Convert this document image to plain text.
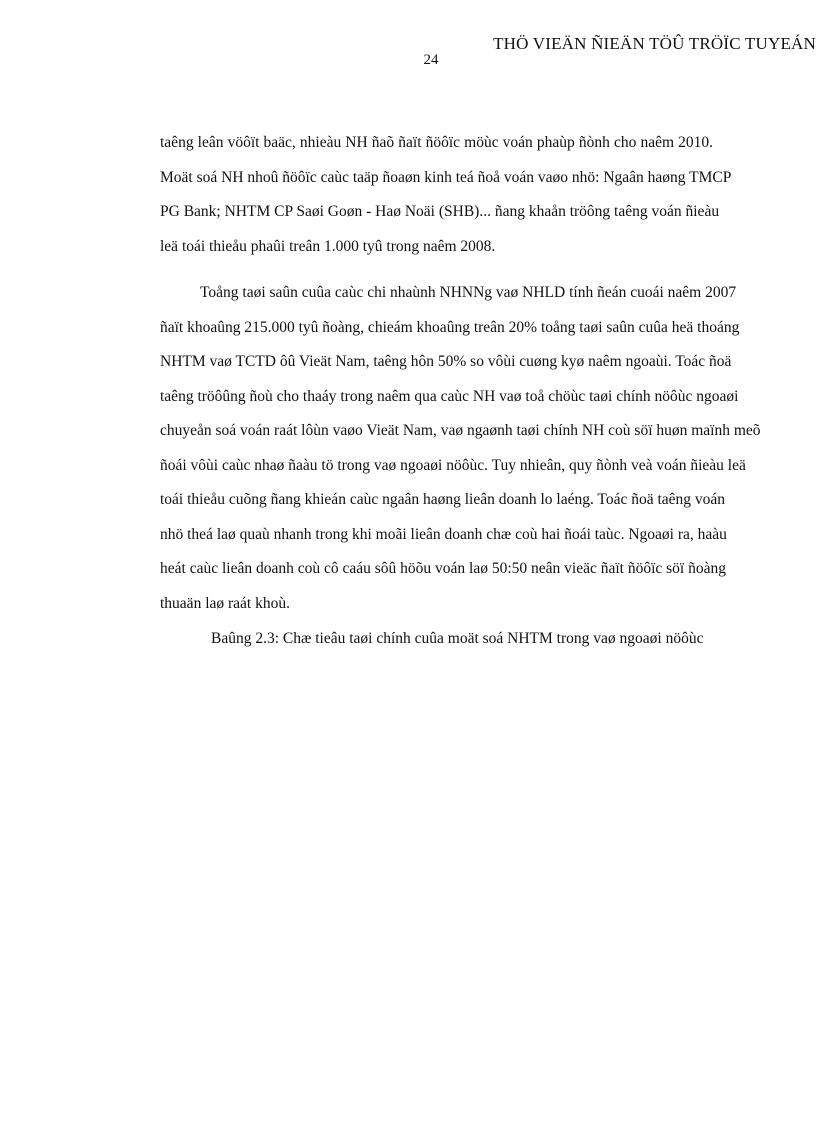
THÖ VIEÄN ÑIEÄN TÖÛ TRÖÏC TUYEÁN
24
taêng leân vöôït baäc, nhieàu NH ñaõ ñaït ñöôïc möùc voán phaùp ñònh cho naêm 2010.
Moät soá NH nhoû ñöôïc caùc taäp ñoaøn kinh teá ñoå voán vaøo nhö: Ngaân haøng TMCP
PG Bank; NHTM CP Saøi Goøn - Haø Noäi (SHB)... ñang khaån tröông taêng voán ñieàu
leä toái thieåu phaûi treân 1.000 tyû trong naêm 2008.
Toång taøi saûn cuûa caùc chi nhaùnh NHNNg vaø NHLD tính ñeán cuoái naêm 2007
ñaït khoaûng 215.000 tyû ñoàng, chieám khoaûng treân 20% toång taøi saûn cuûa heä thoáng
NHTM vaø TCTD ôû Vieät Nam, taêng hôn 50% so vôùi cuøng kyø naêm ngoaùi. Toác ñoä
taêng tröôûng ñoù cho thaáy trong naêm qua caùc NH vaø toå chöùc taøi chính nöôùc ngoaøi
chuyeån soá voán raát lôùn vaøo Vieät Nam, vaø ngaønh taøi chính NH coù söï huøn maïnh meõ
ñoái vôùi caùc nhaø ñaàu tö trong vaø ngoaøi nöôùc. Tuy nhieân, quy ñònh veà voán ñieàu leä
toái thieåu cuõng ñang khieán caùc ngaân haøng lieân doanh lo laéng. Toác ñoä taêng voán
nhö theá laø quaù nhanh trong khi moãi lieân doanh chæ coù hai ñoái taùc. Ngoaøi ra, haàu
heát caùc lieân doanh coù cô caáu sôû höõu voán laø 50:50 neân vieäc ñaït ñöôïc söï ñoàng
thuaän laø raát khoù.
Baûng 2.3: Chæ tieâu taøi chính cuûa moät soá NHTM trong vaø ngoaøi nöôùc
